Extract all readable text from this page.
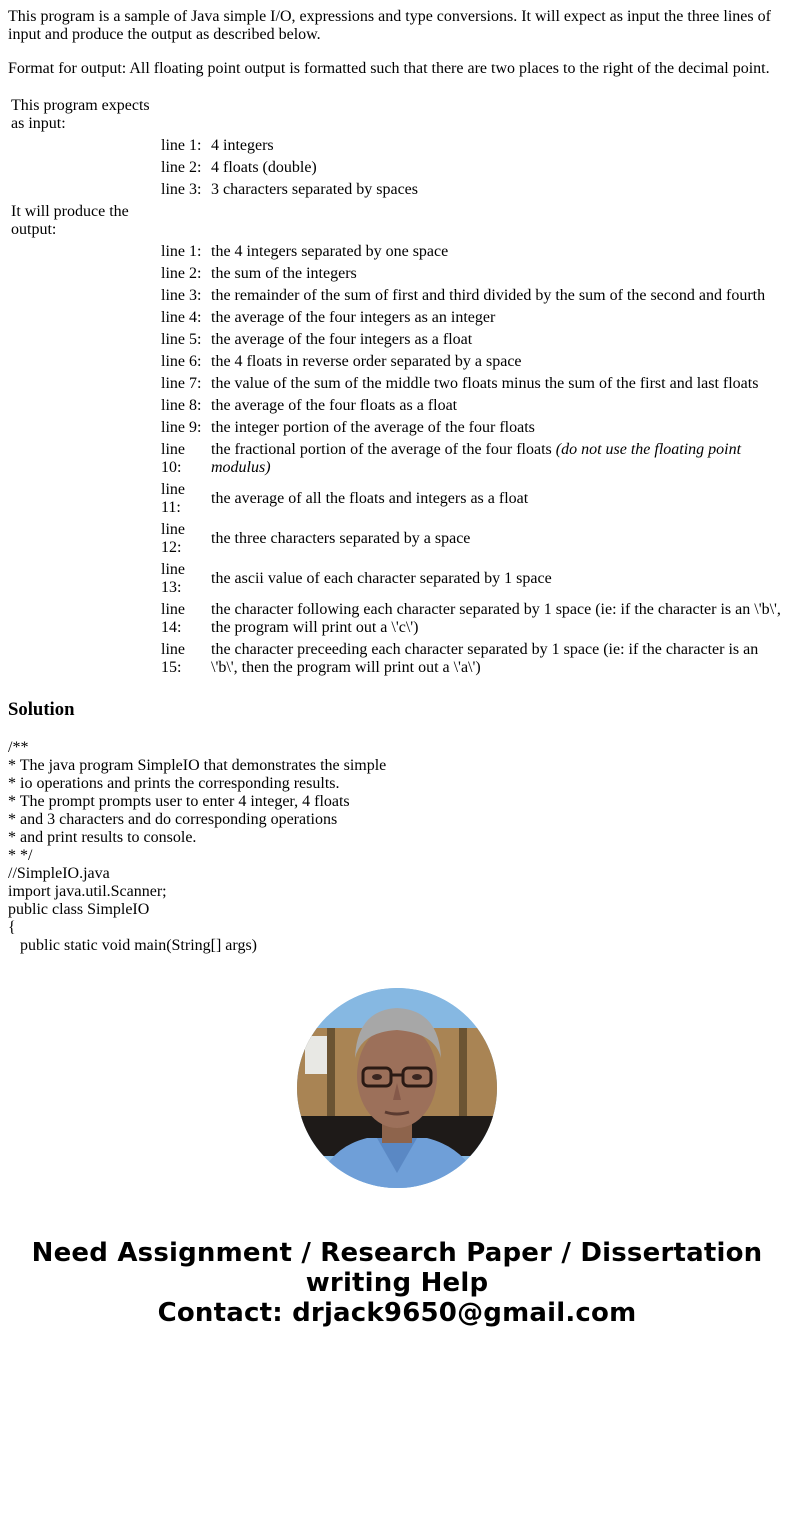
This program is a sample of Java simple I/O, expressions and type conversions. It will expect as input the three lines of input and produce the output as described below.

Format for output: All floating point output is formatted such that there are two places to the right of the decimal point.

This program expects as input:		
	line 1:	4 integers
	line 2:	4 floats (double)
	line 3:	3 characters separated by spaces
It will produce the output:		
	line 1:	the 4 integers separated by one space
	line 2:	the sum of the integers
	line 3:	the remainder of the sum of first and third divided by the sum of the second and fourth
	line 4:	the average of the four integers as an integer
	line 5:	the average of the four integers as a float
	line 6:	the 4 floats in reverse order separated by a space
	line 7:	the value of the sum of the middle two floats minus the sum of the first and last floats
	line 8:	the average of the four floats as a float
	line 9:	the integer portion of the average of the four floats
	line 10:	the fractional portion of the average of the four floats (do not use the floating point modulus)
	line 11:	the average of all the floats and integers as a float
	line 12:	the three characters separated by a space
	line 13:	the ascii value of each character separated by 1 space
	line 14:	the character following each character separated by 1 space (ie: if the character is an \'b\', the program will print out a \'c\')
	line 15:	the character preceeding each character separated by 1 space (ie: if the character is an \'b\', then the program will print out a \'a\')
Solution
/**
* The java program SimpleIO that demonstrates the simple
* io operations and prints the corresponding results.
* The prompt prompts user to enter 4 integer, 4 floats
* and 3 characters and do corresponding operations
* and print results to console.
* */
//SimpleIO.java
import java.util.Scanner;
public class SimpleIO
{
public static void main(String[] args)
Need Assignment / Research Paper / Dissertation
writing Help
Contact: drjack9650@gmail.com
